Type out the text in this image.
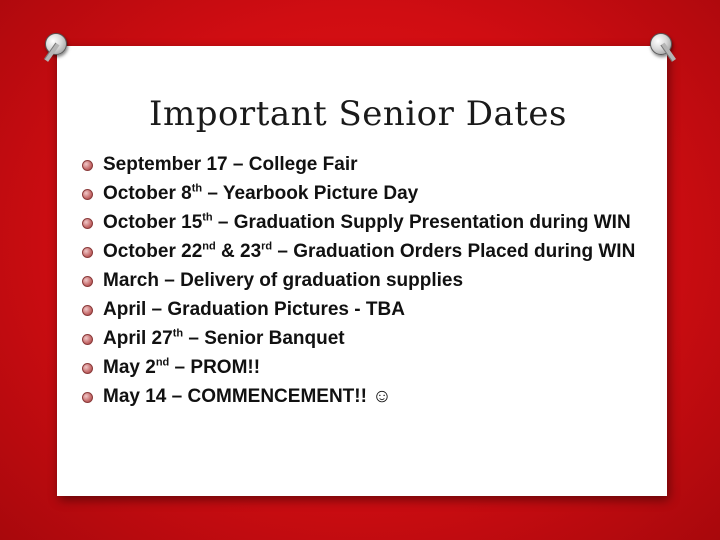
Important Senior Dates
September 17 – College Fair
October 8th – Yearbook Picture Day
October 15th – Graduation Supply Presentation during WIN
October 22nd & 23rd – Graduation Orders Placed during WIN
March – Delivery of graduation supplies
April – Graduation Pictures - TBA
April 27th – Senior Banquet
May 2nd – PROM!!
May 14 – COMMENCEMENT!! ☺
